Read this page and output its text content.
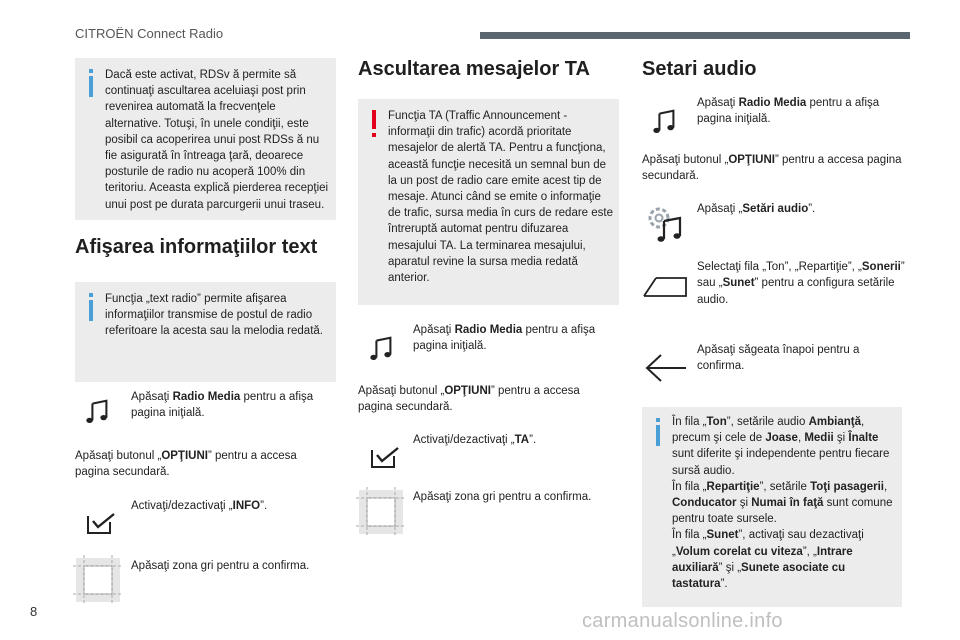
CITROËN Connect Radio
Dacă este activat, RDSv ă permite să continuaţi ascultarea aceluiaşi post prin revenirea automată la frecvenţele alternative. Totuşi, în unele condiţii, este posibil ca acoperirea unui post RDSs ă nu fie asigurată în întreaga ţară, deoarece posturile de radio nu acoperă 100% din teritoriu. Aceasta explică pierderea recepţiei unui post pe durata parcurgerii unui traseu.
Afişarea informaţiilor text
Funcţia „text radio” permite afişarea informaţiilor transmise de postul de radio referitoare la acesta sau la melodia redată.
Apăsaţi Radio Media pentru a afişa pagina iniţială.
Apăsaţi butonul „OPŢIUNI” pentru a accesa pagina secundară.
Activaţi/dezactivaţi „INFO”.
Apăsaţi zona gri pentru a confirma.
Ascultarea mesajelor TA
Funcţia TA (Traffic Announcement - informaţii din trafic) acordă prioritate mesajelor de alertă TA. Pentru a funcţiona, această funcţie necesită un semnal bun de la un post de radio care emite acest tip de mesaje. Atunci când se emite o informaţie de trafic, sursa media în curs de redare este întreruptă automat pentru difuzarea mesajului TA. La terminarea mesajului, aparatul revine la sursa media redată anterior.
Apăsaţi Radio Media pentru a afişa pagina iniţială.
Apăsaţi butonul „OPŢIUNI” pentru a accesa pagina secundară.
Activaţi/dezactivaţi „TA”.
Apăsaţi zona gri pentru a confirma.
Setari audio
Apăsaţi Radio Media pentru a afişa pagina iniţială.
Apăsaţi butonul „OPŢIUNI” pentru a accesa pagina secundară.
Apăsaţi „Setări audio”.
Selectaţi fila „Ton”, „Repartiţie”, „Sonerii” sau „Sunet” pentru a configura setările audio.
Apăsaţi săgeata înapoi pentru a confirma.
În fila „Ton”, setările audio Ambianţă, precum şi cele de Joase, Medii şi Înalte sunt diferite şi independente pentru fiecare sursă audio.
În fila „Repartiţie”, setările Toţi pasagerii, Conducator şi Numai în faţă sunt comune pentru toate sursele.
În fila „Sunet”, activaţi sau dezactivaţi „Volum corelat cu viteza”, „Intrare auxiliară” şi „Sunete asociate cu tastatura”.
8	carmanualsonline.info
